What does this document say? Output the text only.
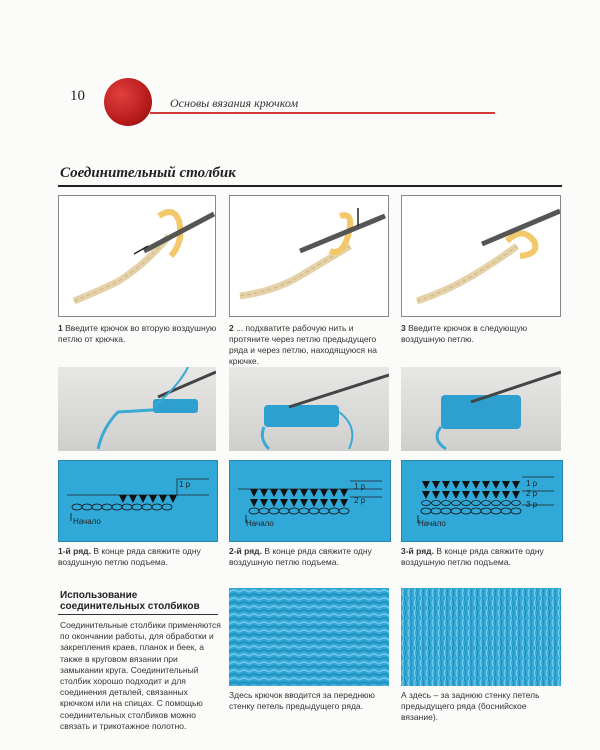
10	Основы вязания крючком
Соединительный столбик
1 Введите крючок во вторую воздушную петлю от крючка.
2 ... подхватите рабочую нить и протяните через петлю предыдущего ряда и через петлю, находящуюся на крючке.
3 Введите крючок в следующую воздушную петлю.
1 р
Начало
1 р
2 р
Начало
1 р
2 р
3 р
Начало
1-й ряд. В конце ряда свяжите одну воздушную петлю подъема.
2-й ряд. В конце ряда свяжите одну воздушную петлю подъема.
3-й ряд. В конце ряда свяжите одну воздушную петлю подъема.
Использование соединительных столбиков
Соединительные столбики применяются по окончании работы, для обработки и закрепления краев, планок и беек, а также в круговом вязании при замыкании круга. Соединительный столбик хорошо подходит и для соединения деталей, связанных крючком или на спицах. С помощью соединительных столбиков можно связать и трикотажное полотно.
Здесь крючок вводится за переднюю стенку петель предыдущего ряда.
А здесь – за заднюю стенку петель предыдущего ряда (боснийское вязание).
